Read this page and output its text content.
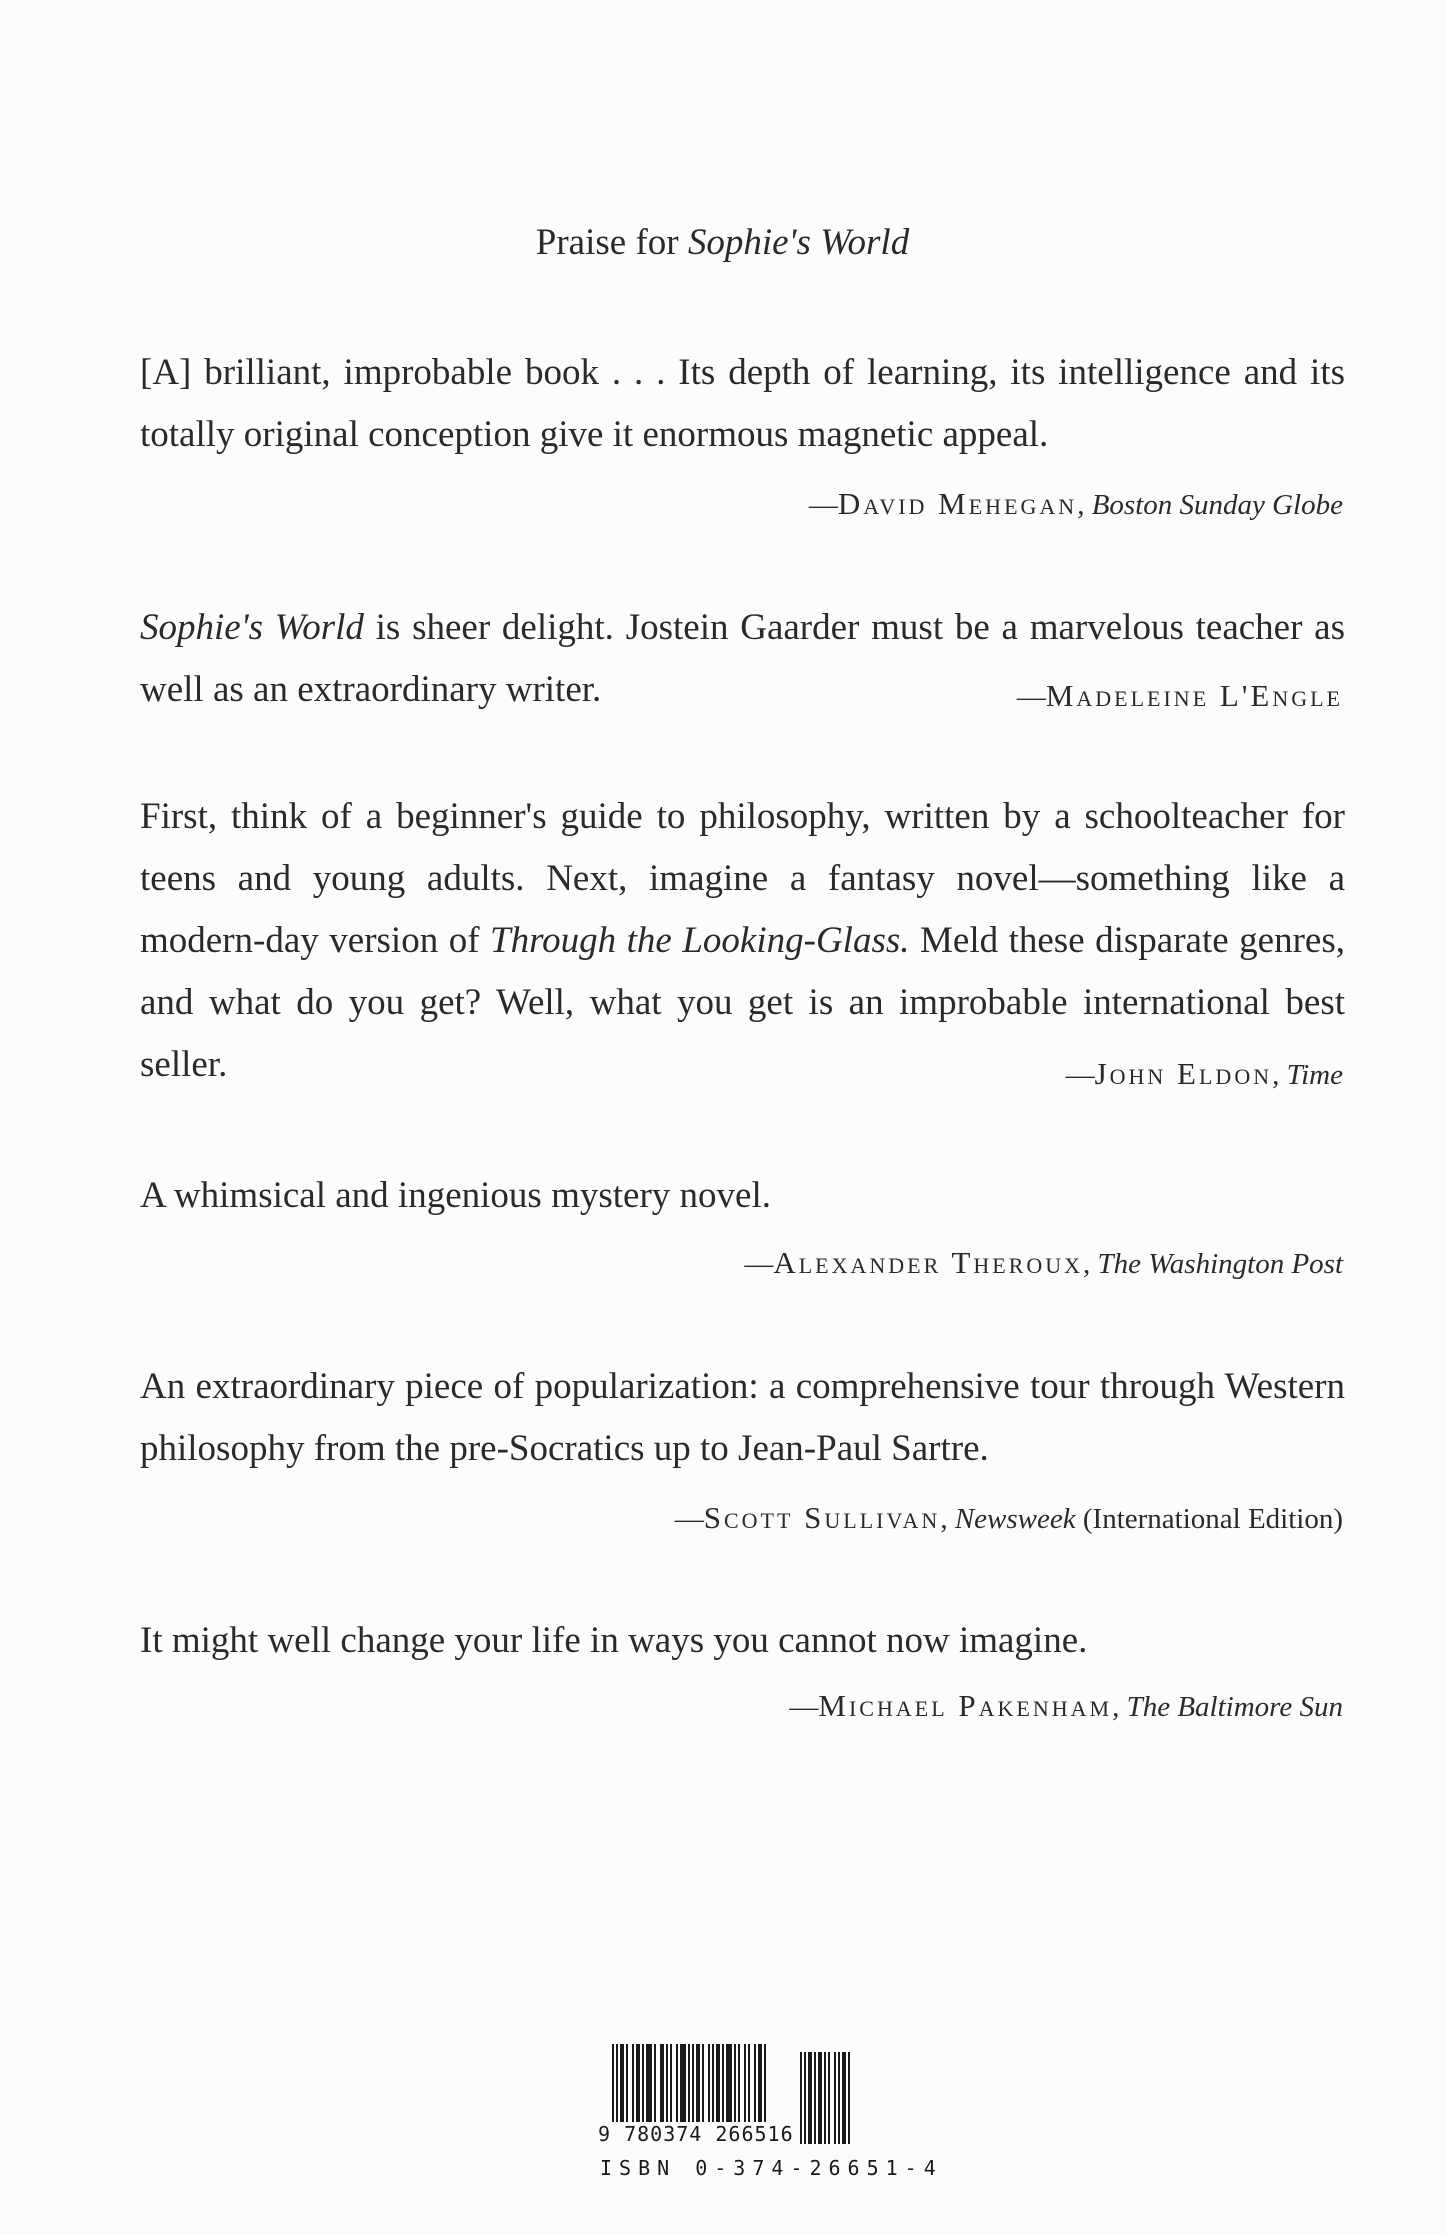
Praise for Sophie's World
[A] brilliant, improbable book . . . Its depth of learning, its intelligence and its totally original conception give it enormous magnetic appeal.
—David Mehegan, Boston Sunday Globe
Sophie's World is sheer delight. Jostein Gaarder must be a marvelous teacher as well as an extraordinary writer.	—Madeleine L'Engle
First, think of a beginner's guide to philosophy, written by a schoolteacher for teens and young adults. Next, imagine a fantasy novel—something like a modern-day version of Through the Looking-Glass. Meld these disparate genres, and what do you get? Well, what you get is an improbable international best seller.	—John Eldon, Time
A whimsical and ingenious mystery novel.
—Alexander Theroux, The Washington Post
An extraordinary piece of popularization: a comprehensive tour through Western philosophy from the pre-Socratics up to Jean-Paul Sartre.
—Scott Sullivan, Newsweek (International Edition)
It might well change your life in ways you cannot now imagine.
—Michael Pakenham, The Baltimore Sun
9 780374 266516
ISBN 0-374-26651-4
